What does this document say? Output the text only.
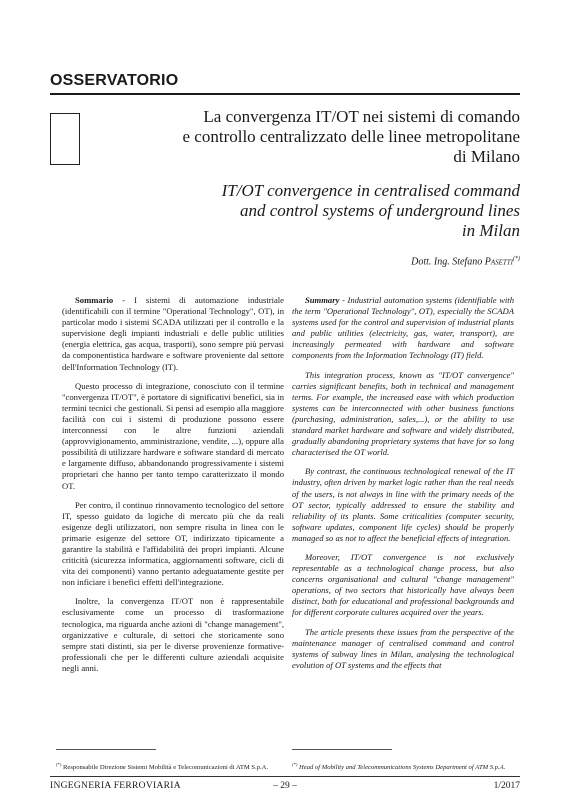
OSSERVATORIO
La convergenza IT/OT nei sistemi di comando
e controllo centralizzato delle linee metropolitane
di Milano
IT/OT convergence in centralised command
and control systems of underground lines
in Milan
Dott. Ing. Stefano Pasetti(*)

Sommario - I sistemi di automazione industriale (identificabili con il termine "Operational Technology", OT), in particolar modo i sistemi SCADA utilizzati per il controllo e la supervisione degli impianti industriali e delle public utilities (energia elettrica, gas acqua, trasporti), sono sempre più pervasi da componentistica hardware e software proveniente dal settore dell'Information Technology (IT).

Questo processo di integrazione, conosciuto con il termine "convergenza IT/OT", è portatore di significativi benefici, sia in termini tecnici che gestionali. Si pensi ad esempio alla maggiore facilità con cui i sistemi di produzione possono essere interconnessi con le altre funzioni aziendali (approvvigionamento, amministrazione, vendite, ...), oppure alla possibilità di utilizzare hardware e software standard di mercato e largamente diffuso, abbandonando progressivamente i sistemi proprietari che hanno per tanto tempo caratterizzato il mondo OT.

Per contro, il continuo rinnovamento tecnologico del settore IT, spesso guidato da logiche di mercato più che da reali esigenze degli utilizzatori, non sempre risulta in linea con le primarie esigenze del settore OT, indirizzato tipicamente a garantire la stabilità e l'affidabilità dei propri impianti. Alcune criticità (sicurezza informatica, aggiornamenti software, cicli di vita dei componenti) vanno pertanto adeguatamente gestite per non inficiare i benefici effetti dell'integrazione.

Inoltre, la convergenza IT/OT non è rappresentabile esclusivamente come un processo di trasformazione tecnologica, ma riguarda anche azioni di "change management", organizzative e culturale, di settori che storicamente sono sempre stati distinti, sia per le diverse provenienze formative-professionali che per le differenti culture aziendali acquisite negli anni.

Summary - Industrial automation systems (identifiable with the term "Operational Technology", OT), especially the SCADA systems used for the control and supervision of industrial plants and public utilities (electricity, gas, water, transport), are increasingly permeated with hardware and software components from the Information Technology (IT) field.

This integration process, known as "IT/OT convergence" carries significant benefits, both in technical and management terms. For example, the increased ease with which production systems can be interconnected with other business functions (purchasing, administration, sales,...), or the ability to use standard market hardware and software and widely distributed, gradually abandoning proprietary systems that have for so long characterised the OT world.

By contrast, the continuous technological renewal of the IT industry, often driven by market logic rather than the real needs of the users, is not always in line with the primary needs of the OT sector, typically addressed to ensure the stability and reliability of its plants. Some criticalities (computer security, software updates, component life cycles) should be properly managed so as not to affect the beneficial effects of integration.

Moreover, IT/OT convergence is not exclusively representable as a technological change process, but also concerns organisational and cultural "change management" operations, of two sectors that historically have always been distinct, both for educational and professional backgrounds and for different corporate cultures acquired over the years.

The article presents these issues from the perspective of the maintenance manager of centralised command and control systems of subway lines in Milan, analysing the technological evolution of OT systems and the effects that

(*) Responsabile Direzione Sistemi Mobilità e Telecomunicazioni di ATM S.p.A.	(*) Head of Mobility and Telecommunications Systems Department of ATM S.p.A.
INGEGNERIA FERROVIARIA	– 29 –	1/2017
